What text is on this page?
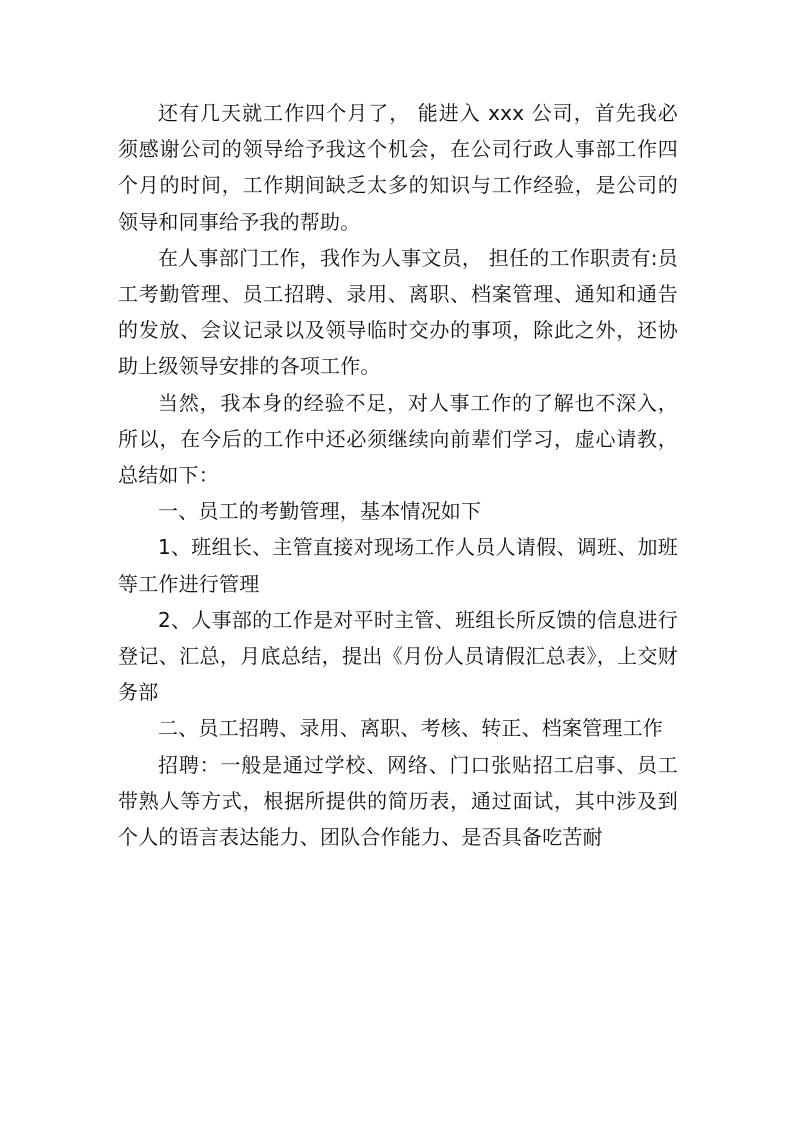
还有几天就工作四个月了， 能进入 xxx 公司，首先我必须感谢公司的领导给予我这个机会，在公司行政人事部工作四个月的时间，工作期间缺乏太多的知识与工作经验，是公司的领导和同事给予我的帮助。

在人事部门工作，我作为人事文员， 担任的工作职责有:员工考勤管理、员工招聘、录用、离职、档案管理、通知和通告的发放、会议记录以及领导临时交办的事项，除此之外，还协助上级领导安排的各项工作。

当然，我本身的经验不足，对人事工作的了解也不深入，所以，在今后的工作中还必须继续向前辈们学习，虚心请教，总结如下：

一、员工的考勤管理，基本情况如下

1、班组长、主管直接对现场工作人员人请假、调班、加班等工作进行管理

2、人事部的工作是对平时主管、班组长所反馈的信息进行登记、汇总，月底总结，提出《月份人员请假汇总表》，上交财务部

二、员工招聘、录用、离职、考核、转正、档案管理工作

招聘：一般是通过学校、网络、门口张贴招工启事、员工带熟人等方式，根据所提供的简历表，通过面试，其中涉及到个人的语言表达能力、团队合作能力、是否具备吃苦耐
